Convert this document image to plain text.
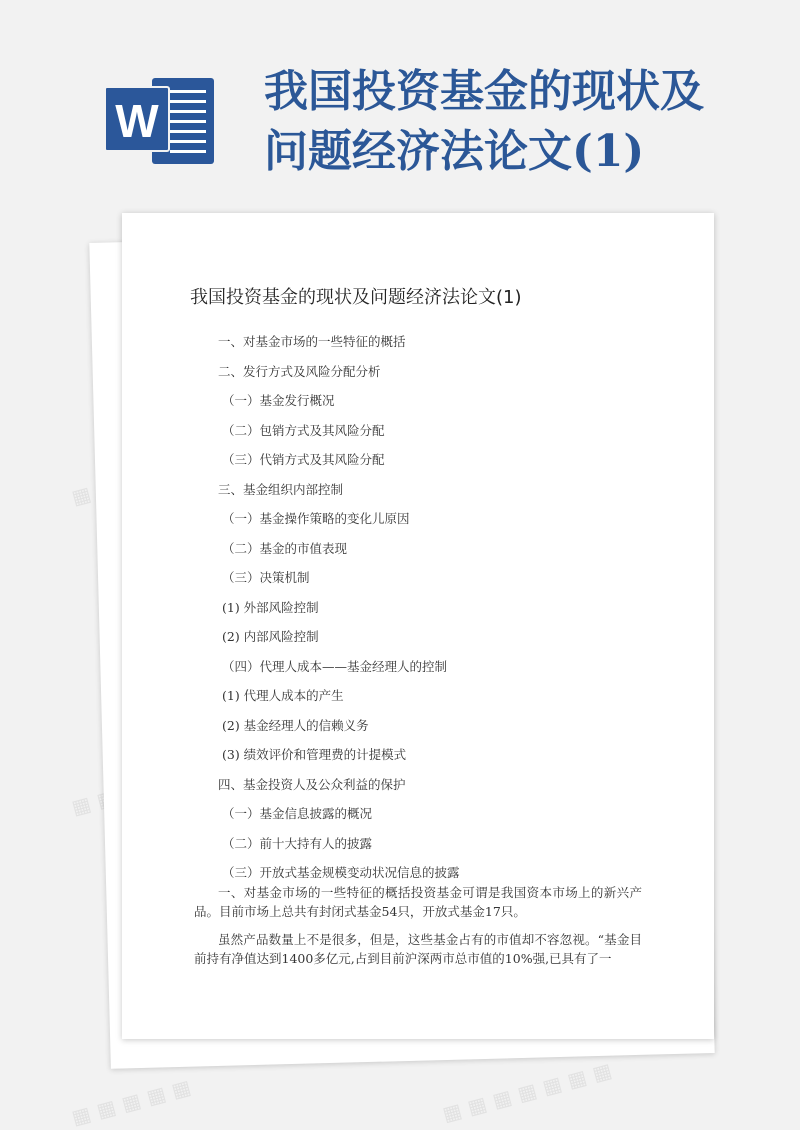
W
我国投资基金的现状及
问题经济法论文(1)
▦
▦
▦ ▦ ▦ ▦ ▦	▦ ▦ ▦ ▦ ▦ ▦ ▦
我国投资基金的现状及问题经济法论文(1)
一、对基金市场的一些特征的概括
二、发行方式及风险分配分析
（一）基金发行概况
（二）包销方式及其风险分配
（三）代销方式及其风险分配
三、基金组织内部控制
（一）基金操作策略的变化儿原因
（二）基金的市值表现
（三）决策机制
(1) 外部风险控制
(2) 内部风险控制
（四）代理人成本——基金经理人的控制
(1) 代理人成本的产生
(2) 基金经理人的信赖义务
(3) 绩效评价和管理费的计提模式
四、基金投资人及公众利益的保护
（一）基金信息披露的概况
（二）前十大持有人的披露
（三）开放式基金规模变动状况信息的披露

一、对基金市场的一些特征的概括投资基金可谓是我国资本市场上的新兴产品。目前市场上总共有封闭式基金54只，开放式基金17只。

虽然产品数量上不是很多，但是，这些基金占有的市值却不容忽视。“基金目前持有净值达到1400多亿元,占到目前沪深两市总市值的10%强,已具有了一
